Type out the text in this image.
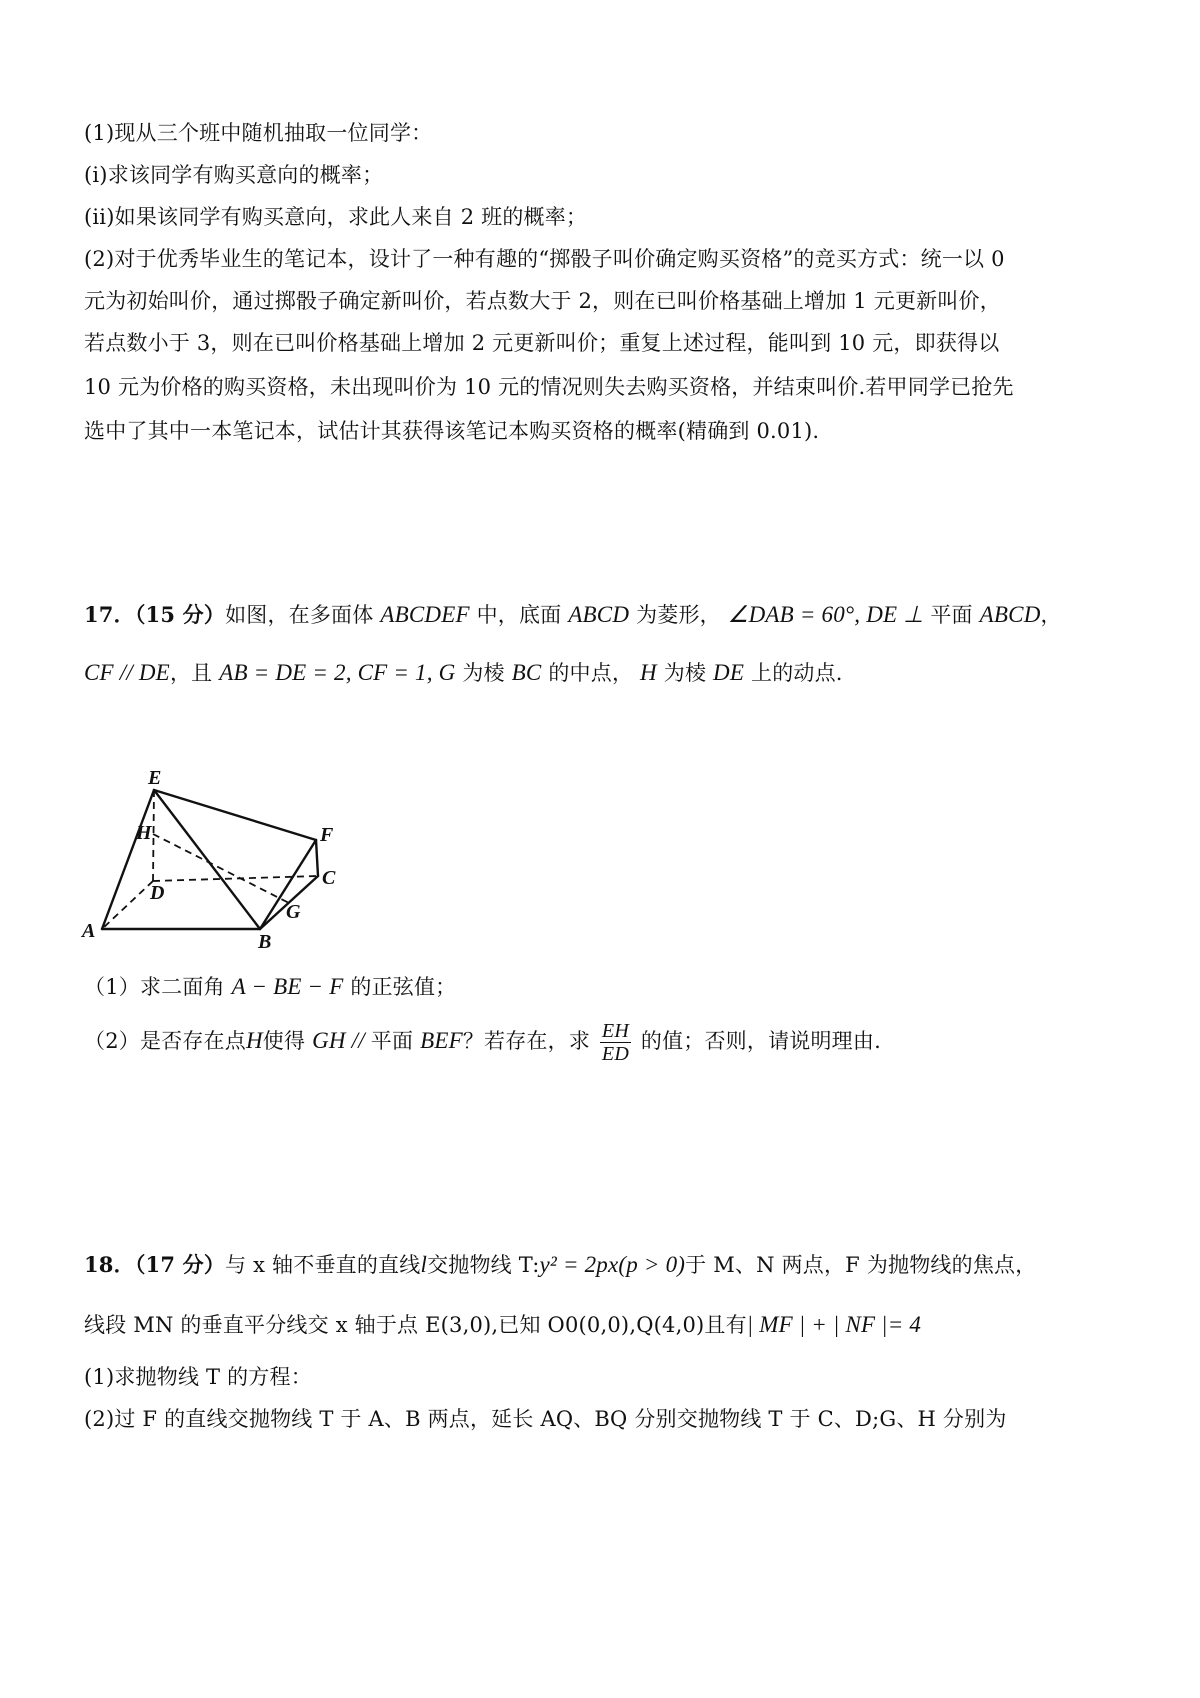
(1)现从三个班中随机抽取一位同学：
(i)求该同学有购买意向的概率；
(ii)如果该同学有购买意向，求此人来自 2 班的概率；
(2)对于优秀毕业生的笔记本，设计了一种有趣的“掷骰子叫价确定购买资格”的竞买方式：统一以 0
元为初始叫价，通过掷骰子确定新叫价，若点数大于 2，则在已叫价格基础上增加 1 元更新叫价，
若点数小于 3，则在已叫价格基础上增加 2 元更新叫价；重复上述过程，能叫到 10 元，即获得以
10 元为价格的购买资格，未出现叫价为 10 元的情况则失去购买资格，并结束叫价.若甲同学已抢先
选中了其中一本笔记本，试估计其获得该笔记本购买资格的概率(精确到 0.01).
17．（15 分）如图，在多面体 ABCDEF 中，底面 ABCD 为菱形， ∠DAB = 60°, DE ⊥ 平面 ABCD，
CF // DE，且 AB = DE = 2, CF = 1, G 为棱 BC 的中点， H 为棱 DE 上的动点.
E
H	F
C
D
G
A	B
（1）求二面角 A − BE − F 的正弦值；
（2）是否存在点H使得 GH // 平面 BEF？若存在，求 $\frac{EH}{ED}$ 的值；否则，请说明理由.
18．（17 分）与 x 轴不垂直的直线l交抛物线 T:y² = 2px(p > 0)于 M、N 两点，F 为抛物线的焦点，
线段 MN 的垂直平分线交 x 轴于点 E(3,0),已知 O0(0,0),Q(4,0)且有| MF | + | NF |= 4
(1)求抛物线 T 的方程：
(2)过 F 的直线交抛物线 T 于 A、B 两点，延长 AQ、BQ 分别交抛物线 T 于 C、D;G、H 分别为
